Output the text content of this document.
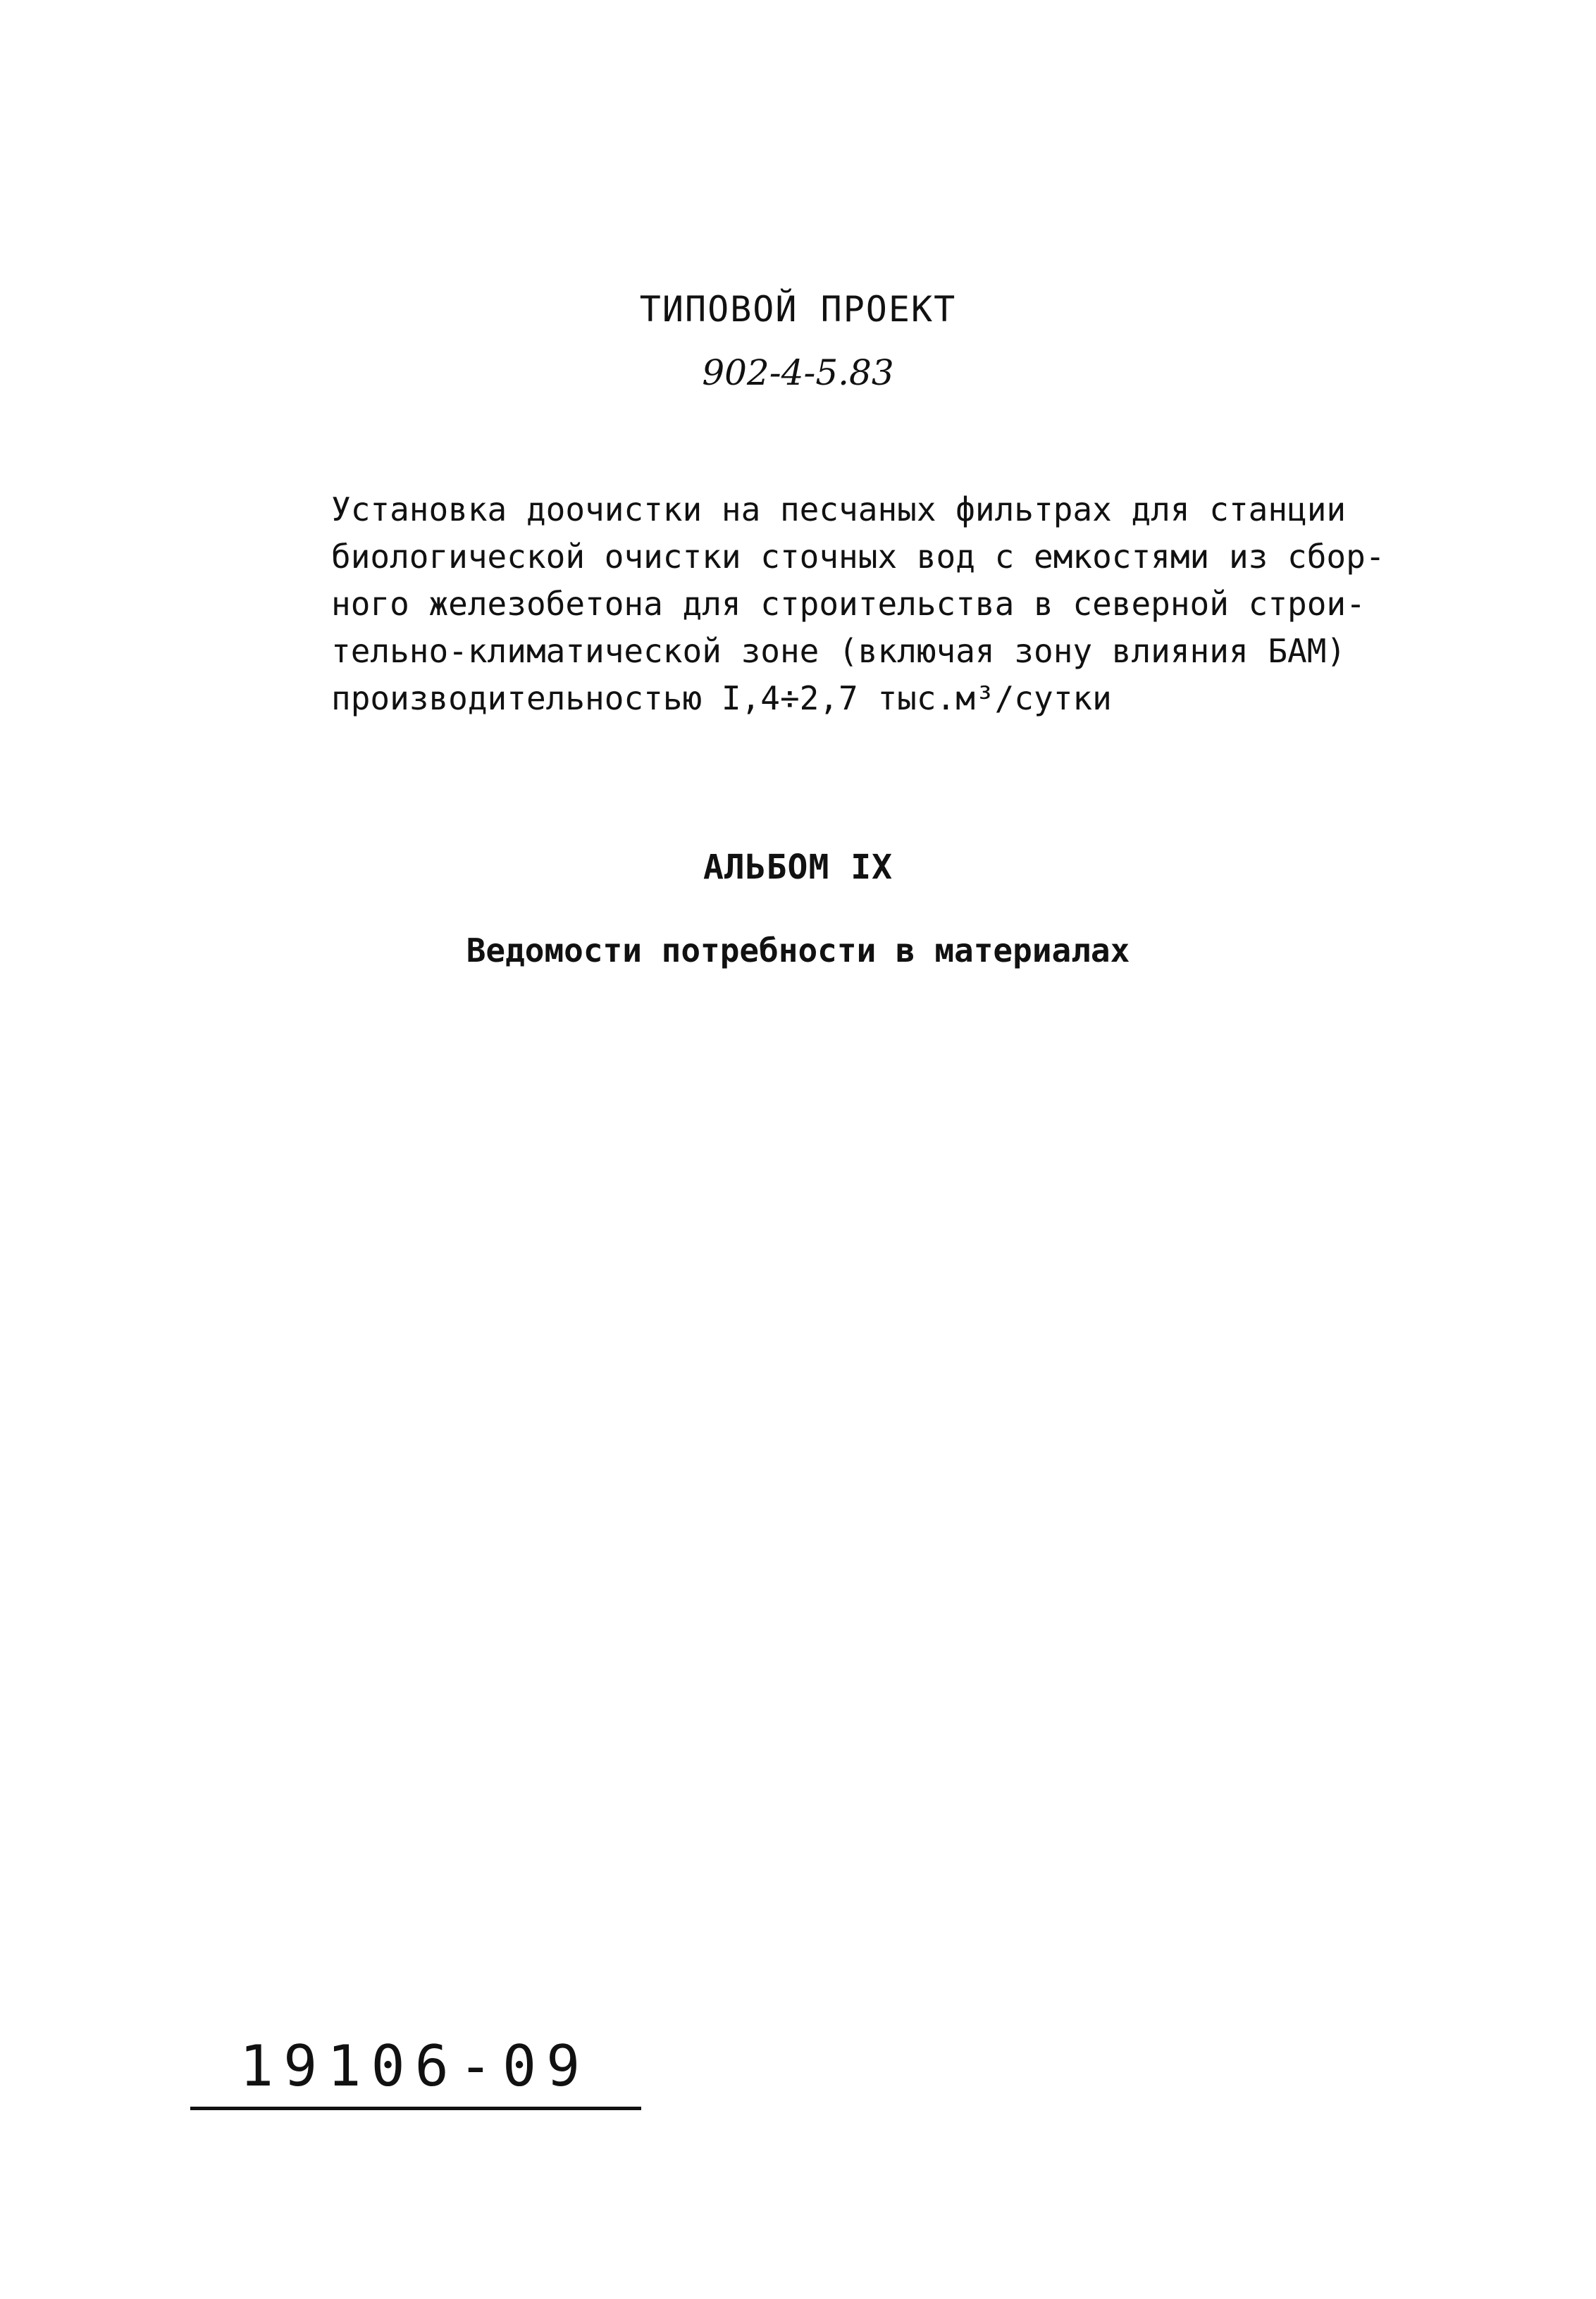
ТИПОВОЙ ПРОЕКТ
902-4-5.83
Установка доочистки на песчаных фильтрах для станции
биологической очистки сточных вод с емкостями из сбор-
ного железобетона для строительства в северной строи-
тельно-климатической зоне (включая зону влияния БАМ)
производительностью I,4÷2,7 тыс.м³/сутки
АЛЬБОМ IX
Ведомости потребности в материалах
19106-09
